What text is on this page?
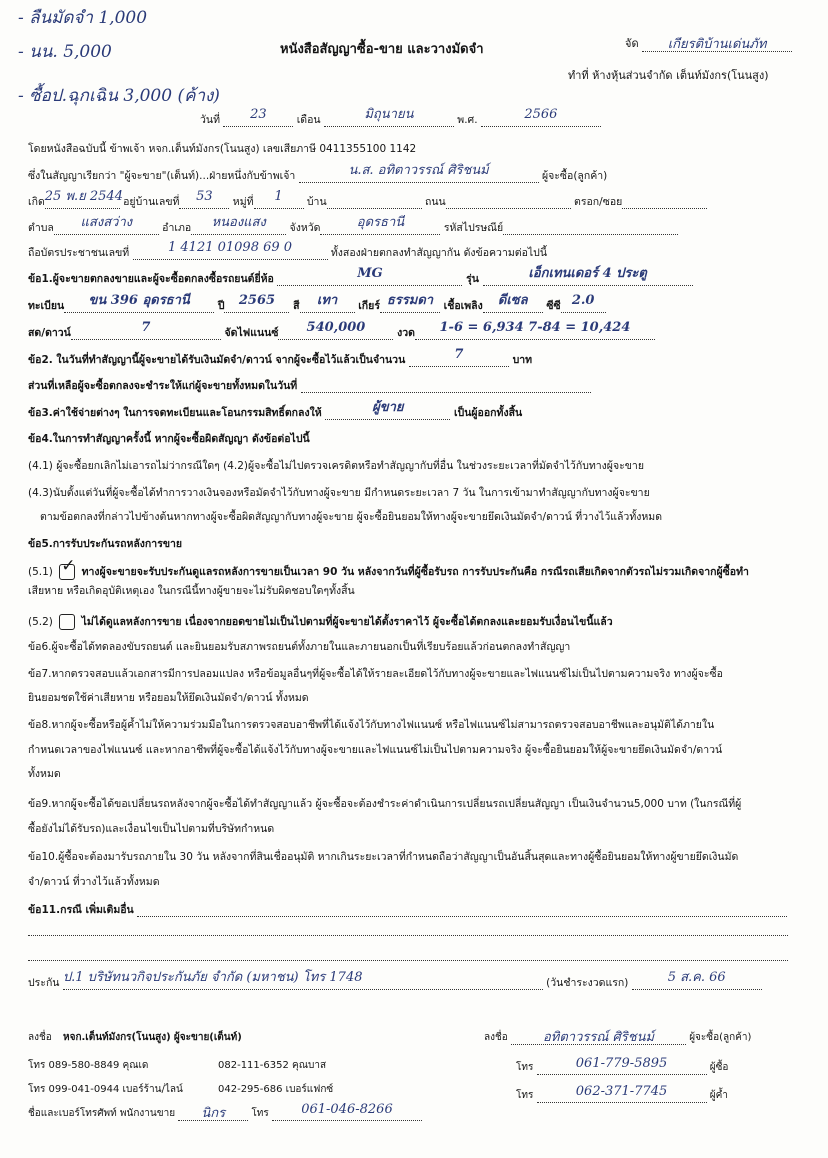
- ลืนมัดจำ 1,000
- นน. 5,000
- ซื้อป.ฉุกเฉิน 3,000 (ค้าง)
หนังสือสัญญาซื้อ-ขาย และวางมัดจำ	จัด เกียรติบ้านเด่นภัท
ทำที่ ห้างหุ้นส่วนจำกัด เต็นท์มังกร(โนนสูง)
วันที่ 23	เดือน	มิถุนายน	พ.ศ.	2566
โดยหนังสือฉบับนี้ ข้าพเจ้า หจก.เต็นท์มังกร(โนนสูง) เลขเสียภาษี 0411355100 1142
ซึ่งในสัญญาเรียกว่า "ผู้จะขาย"(เต็นท์)...ฝ่ายหนึ่งกับข้าพเจ้า	น.ส. อทิตาวรรณ์ ศิริชนม์	ผู้จะซื้อ(ลูกค้า)
เกิด25 พ.ย 2544 อยู่บ้านเลขที่ 53 หมู่ที่ 1 บ้าน	ถนน	ตรอก/ซอย
ตำบล แสงสว่าง	อำเภอ หนองแสง จังหวัด	อุดรธานี	รหัสไปรษณีย์
ถือบัตรประชาชนเลขที่	1 4121 01098 69 0	ทั้งสองฝ่ายตกลงทำสัญญากัน ดังข้อความต่อไปนี้
ข้อ1.ผู้จะขายตกลงขายและผู้จะซื้อตกลงซื้อรถยนต์ยี่ห้อ	MG	รุ่น	เอ็กเทนเดอร์ 4 ประตู
ทะเบียน ขน 396 อุดรธานี	ปี 2565 สี เทา เกียร์ ธรรมดา เชื้อเพลิง ดีเซล ซีซี 2.0
สด/ดาวน์	7	จัดไฟแนนซ์ 540,000	งวด 1-6 = 6,934 7-84 = 10,424
ข้อ2. ในวันที่ทำสัญญานี้ผู้จะขายได้รับเงินมัดจำ/ดาวน์ จากผู้จะซื้อไว้แล้วเป็นจำนวน	7	บาท
ส่วนที่เหลือผู้จะซื้อตกลงจะชำระให้แก่ผู้จะขายทั้งหมดในวันที่
ข้อ3.ค่าใช้จ่ายต่างๆ ในการจดทะเบียนและโอนกรรมสิทธิ์ตกลงให้	ผู้ขาย	เป็นผู้ออกทั้งสิ้น
ข้อ4.ในการทำสัญญาครั้งนี้ หากผู้จะซื้อผิดสัญญา ดังข้อต่อไปนี้
(4.1) ผู้จะซื้อยกเลิกไม่เอารถไม่ว่ากรณีใดๆ (4.2)ผู้จะซื้อไม่ไปตรวจเครดิตหรือทำสัญญากับที่อื่น ในช่วงระยะเวลาที่มัดจำไว้กับทางผู้จะขาย
(4.3)นับตั้งแต่วันที่ผู้จะซื้อได้ทำการวางเงินจองหรือมัดจำไว้กับทางผู้จะขาย มีกำหนดระยะเวลา 7 วัน ในการเข้ามาทำสัญญากับทางผู้จะขาย
ตามข้อตกลงที่กล่าวไปข้างต้นหากทางผู้จะซื้อผิดสัญญากับทางผู้จะขาย ผู้จะซื้อยินยอมให้ทางผู้จะขายยึดเงินมัดจำ/ดาวน์ ที่วางไว้แล้วทั้งหมด
ข้อ5.การรับประกันรถหลังการขาย
(5.1) ✓ ทางผู้จะขายจะรับประกันดูแลรถหลังการขายเป็นเวลา 90 วัน หลังจากวันที่ผู้ซื้อรับรถ การรับประกันคือ กรณีรถเสียเกิดจากตัวรถไม่รวมเกิดจากผู้ซื้อทำ
เสียหาย หรือเกิดอุบัติเหตุเอง ในกรณีนี้ทางผู้ขายจะไม่รับผิดชอบใดๆทั้งสิ้น
(5.2)	ไม่ได้ดูแลหลังการขาย เนื่องจากยอดขายไม่เป็นไปตามที่ผู้จะขายได้ตั้งราคาไว้ ผู้จะซื้อได้ตกลงและยอมรับเงื่อนไขนี้แล้ว
ข้อ6.ผู้จะซื้อได้ทดลองขับรถยนต์ และยินยอมรับสภาพรถยนต์ทั้งภายในและภายนอกเป็นที่เรียบร้อยแล้วก่อนตกลงทำสัญญา
ข้อ7.หากตรวจสอบแล้วเอกสารมีการปลอมแปลง หรือข้อมูลอื่นๆที่ผู้จะซื้อได้ให้รายละเอียดไว้กับทางผู้จะขายและไฟแนนซ์ไม่เป็นไปตามความจริง ทางผู้จะซื้อ
ยินยอมชดใช้ค่าเสียหาย หรือยอมให้ยึดเงินมัดจำ/ดาวน์ ทั้งหมด
ข้อ8.หากผู้จะซื้อหรือผู้ค้ำไม่ให้ความร่วมมือในการตรวจสอบอาชีพที่ได้แจ้งไว้กับทางไฟแนนซ์ หรือไฟแนนซ์ไม่สามารถตรวจสอบอาชีพและอนุมัติได้ภายใน
กำหนดเวลาของไฟแนนซ์ และหากอาชีพที่ผู้จะซื้อได้แจ้งไว้กับทางผู้จะขายและไฟแนนซ์ไม่เป็นไปตามความจริง ผู้จะซื้อยินยอมให้ผู้จะขายยึดเงินมัดจำ/ดาวน์
ทั้งหมด
ข้อ9.หากผู้จะซื้อได้ขอเปลี่ยนรถหลังจากผู้จะซื้อได้ทำสัญญาแล้ว ผู้จะซื้อจะต้องชำระค่าดำเนินการเปลี่ยนรถเปลี่ยนสัญญา เป็นเงินจำนวน5,000 บาท (ในกรณีที่ผู้
ซื้อยังไม่ได้รับรถ)และเงื่อนไขเป็นไปตามที่บริษัทกำหนด
ข้อ10.ผู้ซื้อจะต้องมารับรถภายใน 30 วัน หลังจากที่สินเชื่ออนุมัติ หากเกินระยะเวลาที่กำหนดถือว่าสัญญาเป็นอันสิ้นสุดและทางผู้ซื้อยินยอมให้ทางผู้ขายยึดเงินมัด
จำ/ดาวน์ ที่วางไว้แล้วทั้งหมด
ข้อ11.กรณี เพิ่มเติมอื่น
ประกัน ป.1 บริษัทนวกิจประกันภัย จำกัด (มหาชน) โทร 1748	(วันชำระงวดแรก)	5 ส.ค. 66
ลงชื่อ หจก.เต็นท์มังกร(โนนสูง) ผู้จะขาย(เต็นท์)
โทร 089-580-8849 คุณเด	082-111-6352 คุณบาส
โทร 099-041-0944 เบอร์ร้าน/ไลน์	042-295-686 เบอร์แฟกซ์
ชื่อและเบอร์โทรศัพท์ พนักงานขาย นิกร	โทร 061-046-8266
ลงชื่อ	อทิตาวรรณ์ ศิริชนม์	ผู้จะซื้อ(ลูกค้า)
โทร	061-779-5895	ผู้ซื้อ
โทร	062-371-7745	ผู้ค้ำ
